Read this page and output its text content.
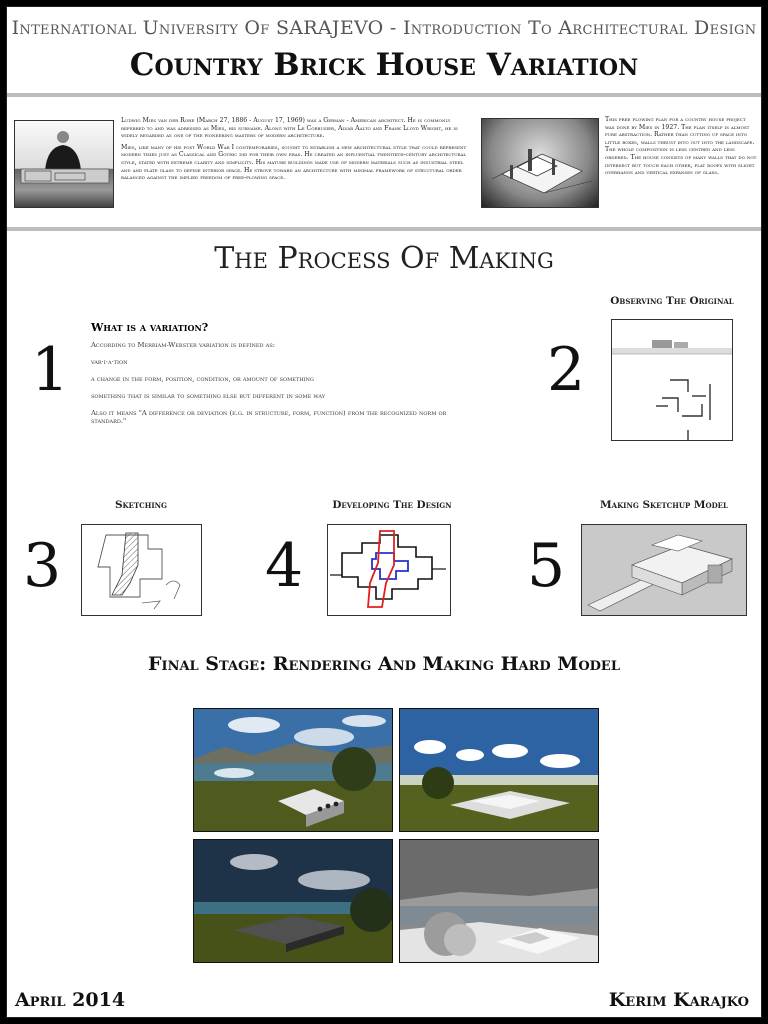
International University Of SARAJEVO - Introduction To Architectural Design
Country Brick House Variation

Ludwig Mies van der Rohe (March 27, 1886 - August 17, 1969) was a German - American architect. He is commonly referred to and was adressed as Mies, his surname. Along with Le Corbusier, Alvar Aalto and Frank Lloyd Wright, he is widely regarded as one of the pioneering masters of modern architecture.

Mies, like many of his post World War I contemporaries, sought to establish a new architectural style that could represent modern times just as Classical and Gothic did for their own eras. He created an influential twentieth-century architectural style, stated with extreme clarity and simplicity. His mature buildings made use of modern materials such as industrial steel and and plate glass to define interior space. He strove toward an architecture with minimal framework of structural order balanced against the implied freedom of free-flowing space.

This free flowing plan for a country house project was done by Mies in 1927. The plan itself is almost pure abstraction. Rather than cutting up space into little boxes, walls thrust into out into the landscape. The whole composition is less centred and less ordered. The house consists of many walls that do not intersect but touch each other, flat roofs with slight overhangs and vertical expanses of glass.
The Process Of Making
1
What is a variation?
According to Merriam-Webster variation is defined as:
var·i·a·tion
a change in the form, position, condition, or amount of something
something that is similar to something else but different in some way
Also it means "A difference or deviation (e.g. in structure, form, function) from the recognized norm or standard."
Observing The Original
2
Sketching
3
Developing The Design
4
Making Sketchup Model
5
Final Stage: Rendering And Making Hard Model
April 2014	Kerim Karajko
